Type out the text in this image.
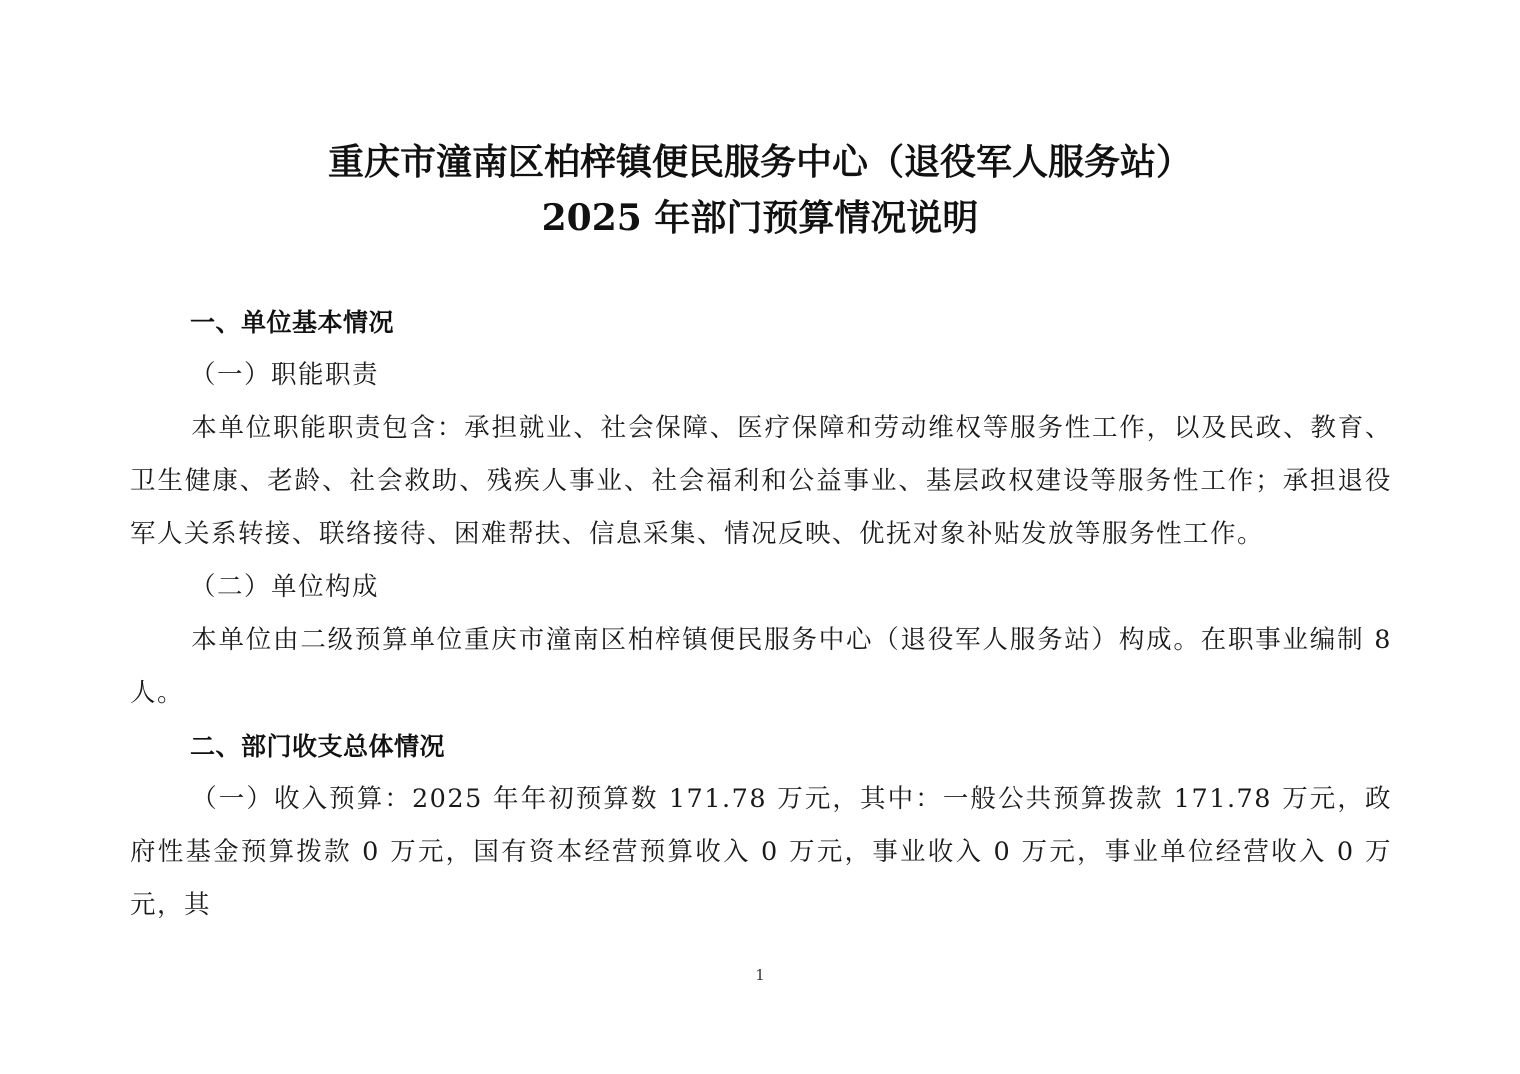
重庆市潼南区柏梓镇便民服务中心（退役军人服务站）
2025 年部门预算情况说明

一、单位基本情况

（一）职能职责

本单位职能职责包含：承担就业、社会保障、医疗保障和劳动维权等服务性工作，以及民政、教育、卫生健康、老龄、社会救助、残疾人事业、社会福利和公益事业、基层政权建设等服务性工作；承担退役军人关系转接、联络接待、困难帮扶、信息采集、情况反映、优抚对象补贴发放等服务性工作。

（二）单位构成

本单位由二级预算单位重庆市潼南区柏梓镇便民服务中心（退役军人服务站）构成。在职事业编制 8 人。

二、部门收支总体情况

（一）收入预算：2025 年年初预算数 171.78 万元，其中：一般公共预算拨款 171.78 万元，政府性基金预算拨款 0 万元，国有资本经营预算收入 0 万元，事业收入 0 万元，事业单位经营收入 0 万元，其

1
